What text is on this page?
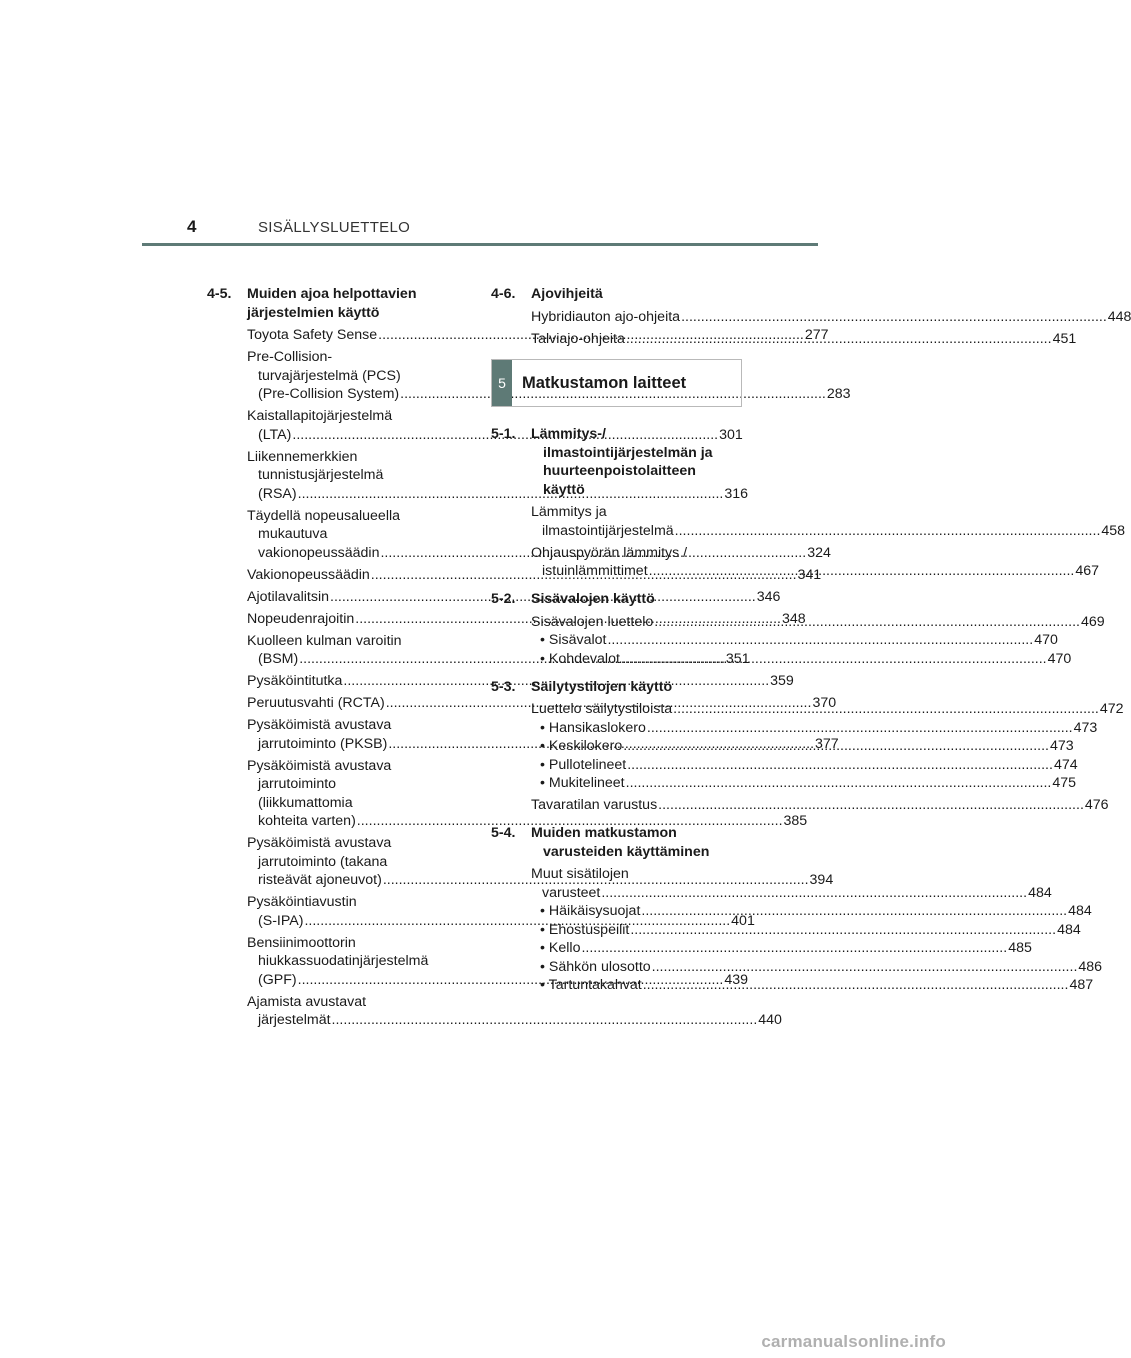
4	SISÄLLYSLUETTELO
4-5. Muiden ajoa helpottavien
järjestelmien käyttö
Toyota Safety Sense .....	277
Pre-Collision-
turvajärjestelmä (PCS)
(Pre-Collision System) .....	283
Kaistallapitojärjestelmä
(LTA) .....	301
Liikennemerkkien
tunnistusjärjestelmä
(RSA) .....	316
Täydellä nopeusalueella
mukautuva
vakionopeussäädin .....	324
Vakionopeussäädin .....	341
Ajotilavalitsin .....	346
Nopeudenrajoitin .....	348
Kuolleen kulman varoitin
(BSM) .....	351
Pysäköintitutka .....	359
Peruutusvahti (RCTA) .....	370
Pysäköimistä avustava
jarrutoiminto (PKSB) .....	377
Pysäköimistä avustava
jarrutoiminto
(liikkumattomia
kohteita varten) .....	385
Pysäköimistä avustava
jarrutoiminto (takana
risteävät ajoneuvot) .....	394
Pysäköintiavustin
(S-IPA) .....	401
Bensiinimoottorin
hiukkassuodatinjärjestelmä
(GPF) .....	439
Ajamista avustavat
järjestelmät .....	440
4-6. Ajovihjeitä
Hybridiauton ajo-ohjeita .....	448
Talviajo-ohjeita .....	451
5 Matkustamon laitteet
5-1. Lämmitys-/
ilmastointijärjestelmän ja
huurteenpoistolaitteen
käyttö
Lämmitys ja
ilmastointijärjestelmä .....	458
Ohjauspyörän lämmitys /
istuinlämmittimet .....	467
5-2. Sisävalojen käyttö
Sisävalojen luettelo .....	469
• Sisävalot .....	470
• Kohdevalot .....	470
5-3. Säilytystilojen käyttö
Luettelo säilytystiloista .....	472
• Hansikaslokero .....	473
• Keskilokero .....	473
• Pullotelineet .....	474
• Mukitelineet .....	475
Tavaratilan varustus .....	476
5-4. Muiden matkustamon
varusteiden käyttäminen
Muut sisätilojen
varusteet .....	484
• Häikäisysuojat .....	484
• Ehostuspeilit .....	484
• Kello .....	485
• Sähkön ulosotto .....	486
• Tartuntakahvat .....	487
carmanualsonline.info
